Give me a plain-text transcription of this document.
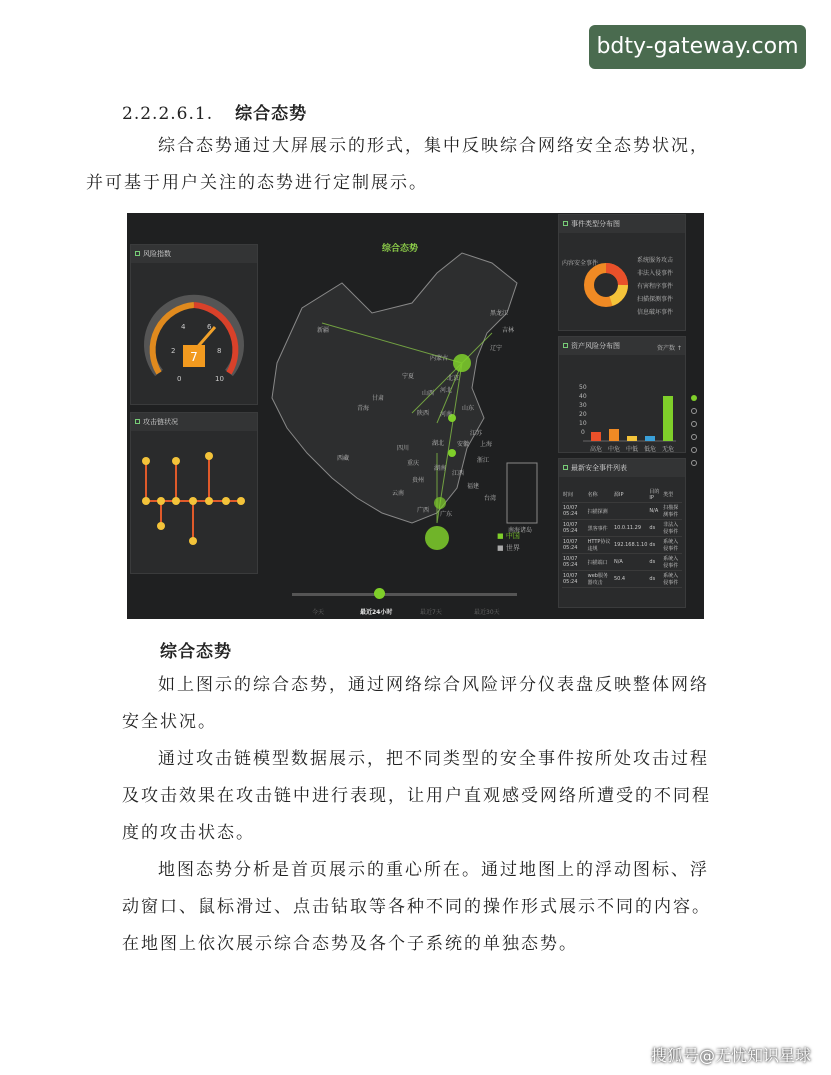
bdty-gateway.com
2.2.2.6.1. 综合态势
综合态势通过大屏展示的形式，集中反映综合网络安全态势状况，
并可基于用户关注的态势进行定制展示。
风险指数
7
0
2
4	6
8
10
攻击链状况
综合态势
黑龙江
吉林
辽宁
新疆
内蒙古
北京
河北
山西
宁夏
甘肃
青海
陕西 河南
山东
江苏
上海
安徽
湖北
四川
重庆	浙江
西藏
湖南
江西
福建
贵州
云南
广西
广东
台湾
南海诸岛
■ 中国
■ 世界
今天	最近24小时	最近7天	最近30天
事件类型分布图
内容安全事件	系统服务攻击
非法入侵事件
有害程序事件
扫描探测事件
信息破坏事件
资产风险分布图	资产数 ↑
50
40
30
20
10
0
高危 中危 中低 低危 无危
最新安全事件列表
时间	名称	源IP	目的IP	类型
10/07 05:24	扫描探测		N/A	扫描探测事件
10/07 05:24	黑客事件	10.0.11.29	ds	非法入侵事件
10/07 05:24	HTTP协议违规	192.168.1.10	ds	系统入侵事件
10/07 05:24	扫描端口	N/A	ds	系统入侵事件
10/07 05:24	web服务器攻击	50.4	ds	系统入侵事件
综合态势
如上图示的综合态势，通过网络综合风险评分仪表盘反映整体网络
安全状况。
通过攻击链模型数据展示，把不同类型的安全事件按所处攻击过程
及攻击效果在攻击链中进行表现，让用户直观感受网络所遭受的不同程
度的攻击状态。
地图态势分析是首页展示的重心所在。通过地图上的浮动图标、浮
动窗口、鼠标滑过、点击钻取等各种不同的操作形式展示不同的内容。
在地图上依次展示综合态势及各个子系统的单独态势。
搜狐号@无忧知识星球
